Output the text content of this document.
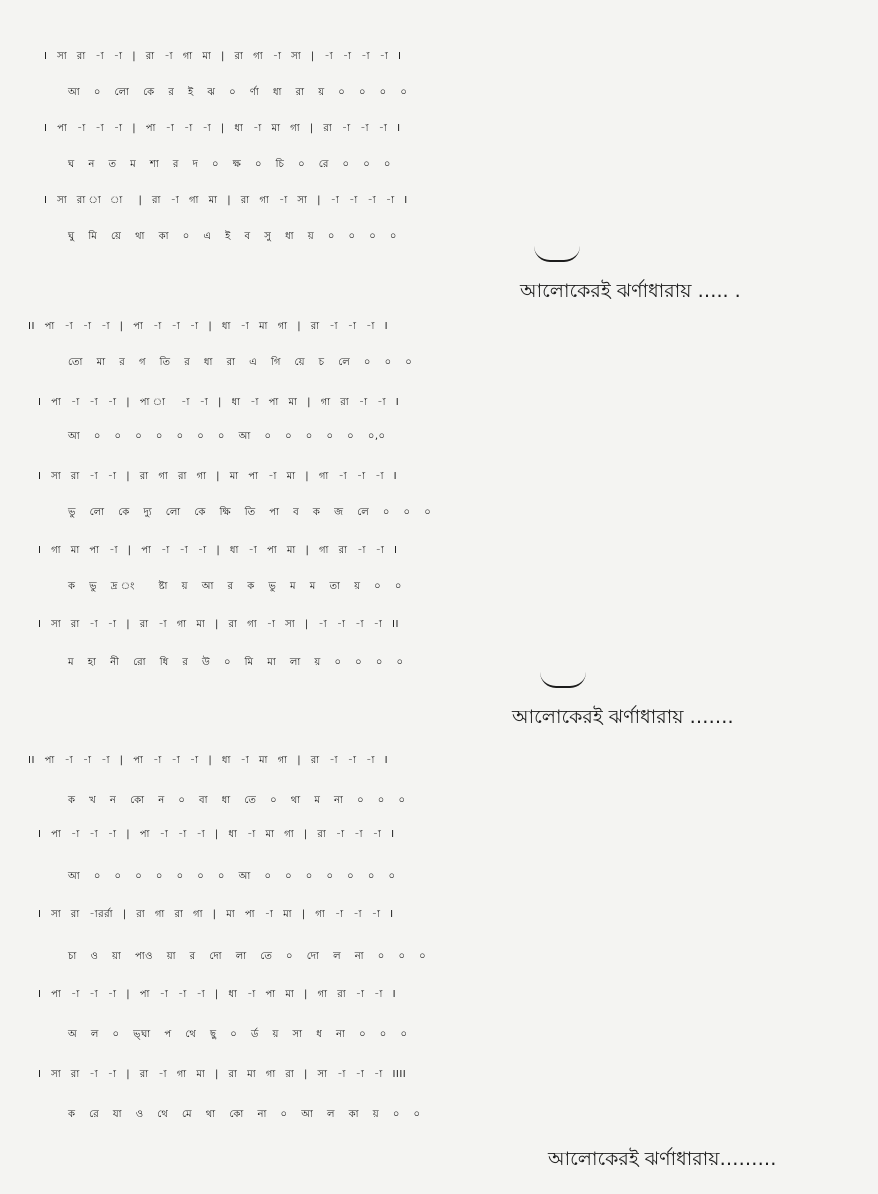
I সা রা -া -া | রা -া গা মা | রা গা -া সা | -া -া -া -া I
আ ০ লো কে র ই ঝ ০ র্ণা ধা রা য় ০ ০ ০ ০
I পা -া -া -া | পা -া -া -া | ধা -া মা গা | রা -া -া -া I
ঘ ন ত ম শা র দ ০ ক্ষ ০ চি ০ রে ০ ০ ০
I সা রা া া | রা -া গা মা | রা গা -া সা | -া -া -া -া I
ঘু মি য়ে থা কা ০ এ ই ব সু ধা য় ০ ০ ০ ০
আলোকেরই ঝর্ণাধারায় ….. .
II পা -া -া -া | পা -া -া -া | ধা -া মা গা | রা -া -া -া I
তো মা র গ তি র ধা রা এ গি য়ে চ লে ০ ০ ০
I পা -া -া -া | পা া -া -া | ধা -া পা মা | গা রা -া -া I
আ ০ ০ ০ ০ ০ ০ ০ আ ০ ০ ০ ০ ০ ০,০
I সা রা -া -া | রা গা রা গা | মা পা -া মা | গা -া -া -া I
ভু লো কে দ্যু লো কে ক্ষি তি পা ব ক জ লে ০ ০ ০
I গা মা পা -া | পা -া -া -া | ধা -া পা মা | গা রা -া -া I
ক ভু দ্র ং ষ্টা য় আ র ক ভু ম ম তা য় ০ ০
I সা রা -া -া | রা -া গা মা | রা গা -া সা | -া -া -া -া II
ম হা নী রো ধি র উ ০ মি মা লা য় ০ ০ ০ ০
আলোকেরই ঝর্ণাধারায় …….
II পা -া -া -া | পা -া -া -া | ধা -া মা গা | রা -া -া -া I
ক খ ন কো ন ০ বা ধা তে ০ থা ম না ০ ০ ০
I পা -া -া -া | পা -া -া -া | ধা -া মা গা | রা -া -া -া I
আ ০ ০ ০ ০ ০ ০ ০ আ ০ ০ ০ ০ ০ ০ ০
I সা রা -ারর্রা | রা গা রা গা | মা পা -া মা | গা -া -া -া I
চা ও য়া পাও য়া র দো লা তে ০ দো ল না ০ ০ ০
I পা -া -া -া | পা -া -া -া | ধা -া পা মা | গা রা -া -া I
অ ল ০ ভ্‌ঘা প থে ছু ০ র্ড য় সা ধ না ০ ০ ০
I সা রা -া -া | রা -া গা মা | রা মা গা রা | সা -া -া -া IIII
ক রে যা ও থে মে থা কো না ০ আ ল কা য় ০ ০
আলোকেরই ঝর্ণাধারায়………
